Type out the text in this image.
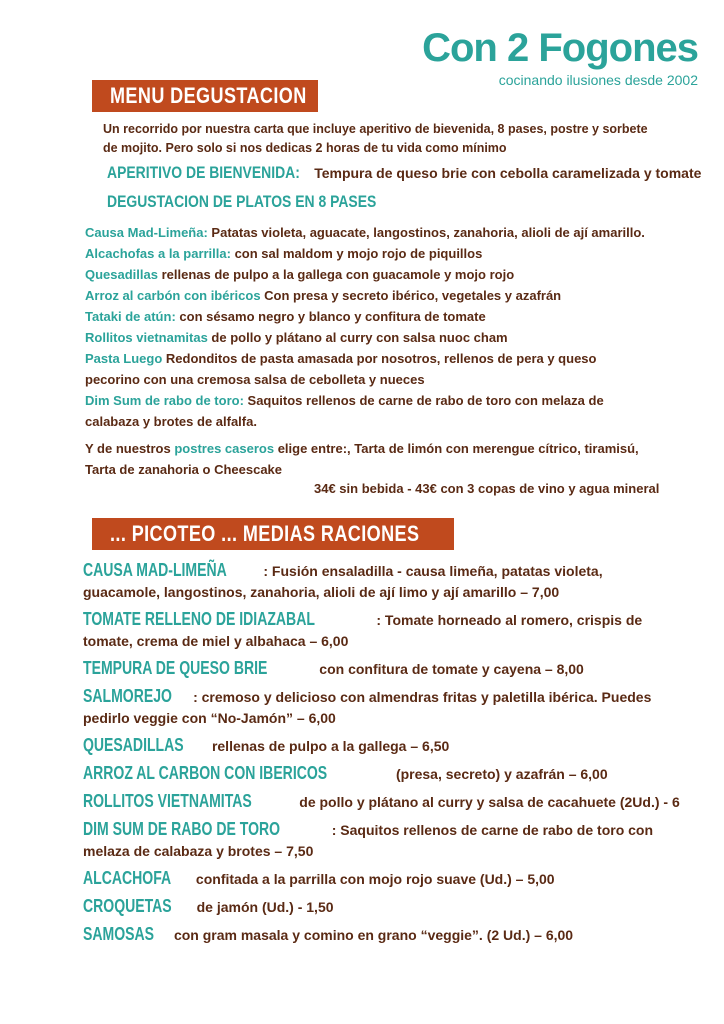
Con 2 Fogones
cocinando ilusiones desde 2002
MENU DEGUSTACION
Un recorrido por nuestra carta que incluye aperitivo de bievenida, 8 pases, postre y sorbete de mojito. Pero solo si nos dedicas 2 horas de tu vida como mínimo
APERITIVO DE BIENVENIDA: Tempura de queso brie con cebolla caramelizada y tomate
DEGUSTACION DE PLATOS EN 8 PASES

Causa Mad-Limeña: Patatas violeta, aguacate, langostinos, zanahoria, alioli de ají amarillo.

Alcachofas a la parrilla: con sal maldom y mojo rojo de piquillos

Quesadillas rellenas de pulpo a la gallega con guacamole y mojo rojo

Arroz al carbón con ibéricos Con presa y secreto ibérico, vegetales y azafrán

Tataki de atún: con sésamo negro y blanco y confitura de tomate

Rollitos vietnamitas de pollo y plátano al curry con salsa nuoc cham

Pasta Luego Redonditos de pasta amasada por nosotros, rellenos de pera y queso pecorino con una cremosa salsa de cebolleta y nueces

Dim Sum de rabo de toro: Saquitos rellenos de carne de rabo de toro con melaza de calabaza y brotes de alfalfa.

Y de nuestros postres caseros elige entre:, Tarta de limón con merengue cítrico, tiramisú, Tarta de zanahoria o Cheescake
34€ sin bebida - 43€ con 3 copas de vino y agua mineral
... PICOTEO ... MEDIAS RACIONES
CAUSA MAD-LIMEÑA	: Fusión ensaladilla - causa limeña, patatas violeta, guacamole, langostinos, zanahoria, alioli de ají limo y ají amarillo – 7,00
TOMATE RELLENO DE IDIAZABAL	: Tomate horneado al romero, crispis de tomate, crema de miel y albahaca – 6,00
TEMPURA DE QUESO BRIE	con confitura de tomate y cayena – 8,00
SALMOREJO : cremoso y delicioso con almendras fritas y paletilla ibérica. Puedes pedirlo veggie con “No-Jamón” – 6,00
QUESADILLAS rellenas de pulpo a la gallega – 6,50
ARROZ AL CARBON CON IBERICOS	(presa, secreto) y azafrán – 6,00
ROLLITOS VIETNAMITAS	de pollo y plátano al curry y salsa de cacahuete (2Ud.) - 6
DIM SUM DE RABO DE TORO	: Saquitos rellenos de carne de rabo de toro con melaza de calabaza y brotes – 7,50
ALCACHOFA confitada a la parrilla con mojo rojo suave (Ud.) – 5,00
CROQUETAS de jamón (Ud.) - 1,50
SAMOSAS con gram masala y comino en grano “veggie”. (2 Ud.) – 6,00
